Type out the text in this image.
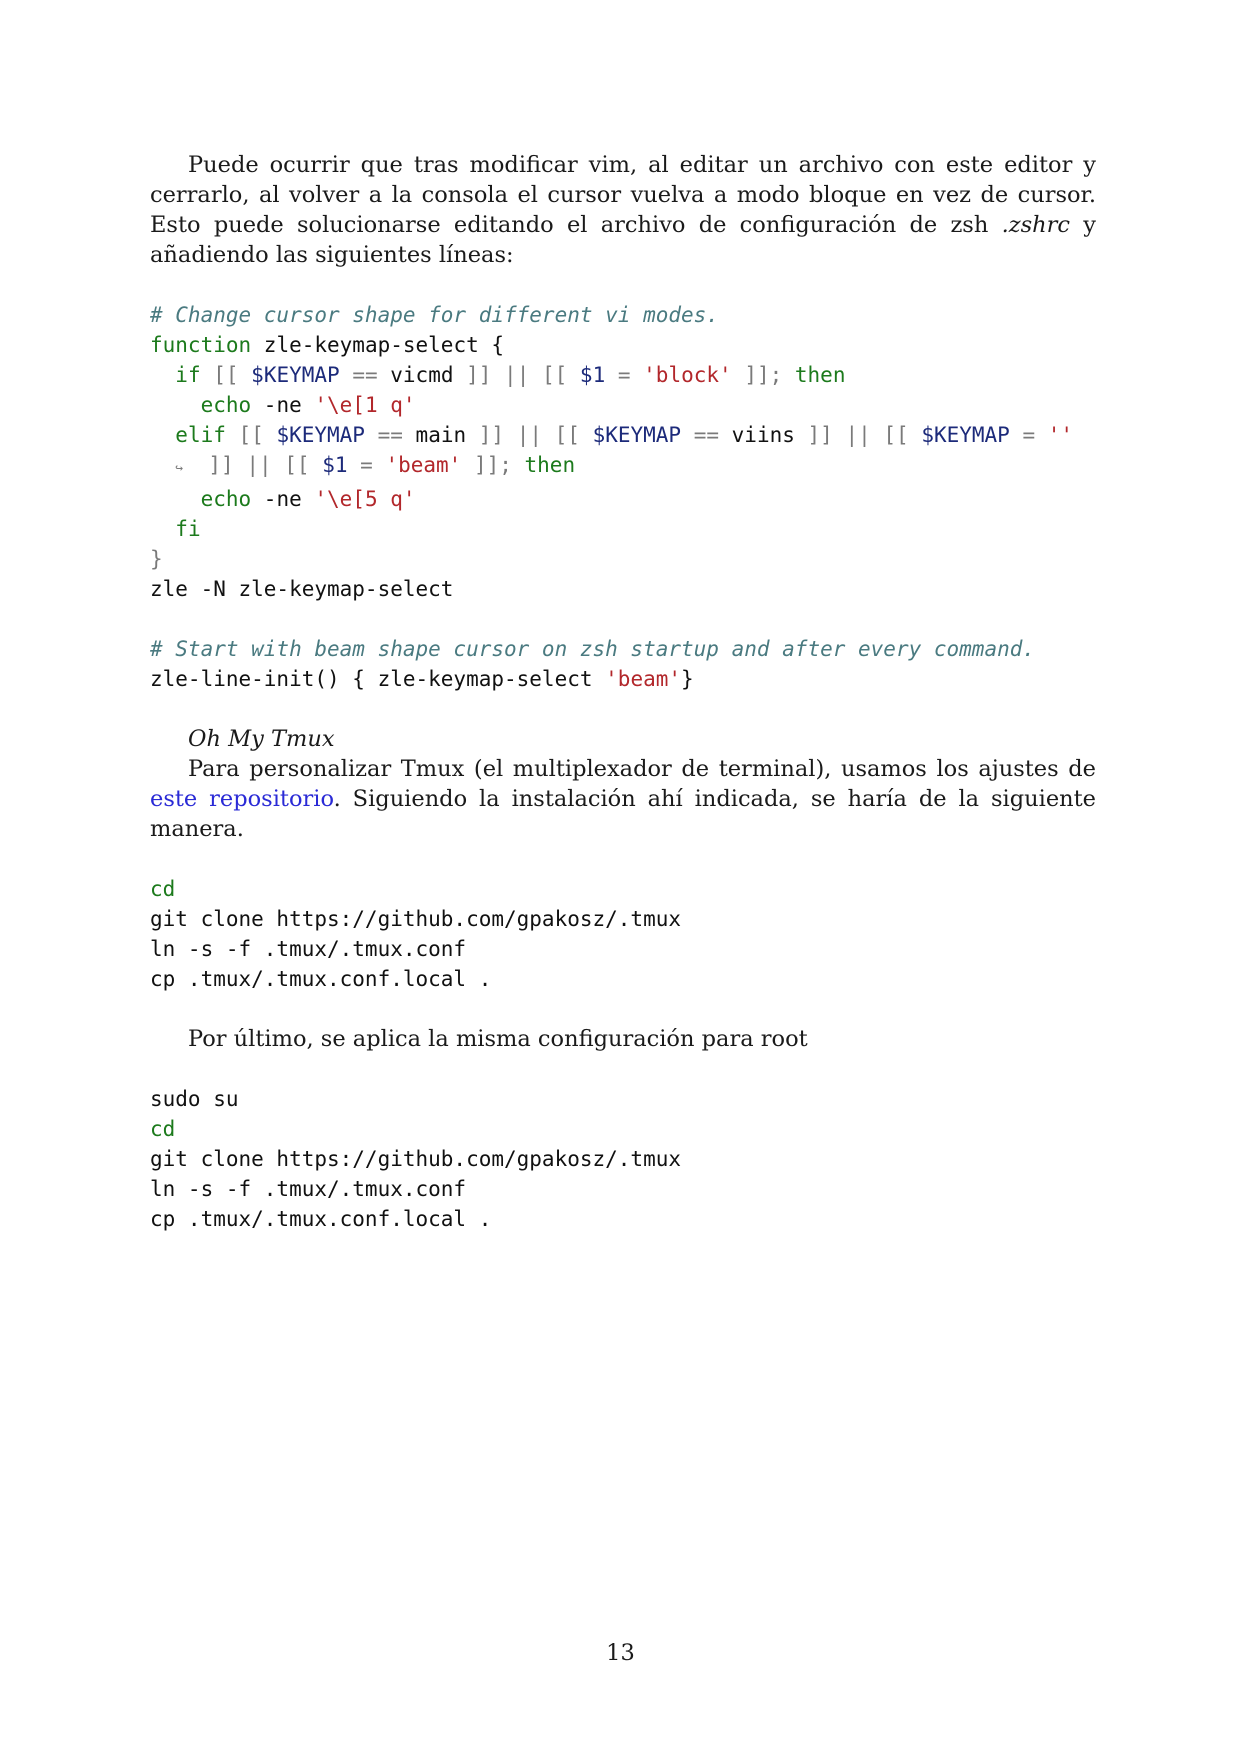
Puede ocurrir que tras modificar vim, al editar un archivo con este editor y cerrarlo, al volver a la consola el cursor vuelva a modo bloque en vez de cursor. Esto puede solucionarse editando el archivo de configuración de zsh .zshrc y añadiendo las siguientes líneas:

# Change cursor shape for different vi modes.
function zle-keymap-select {
if [[ $KEYMAP == vicmd ]] || [[ $1 = 'block' ]]; then
echo -ne '\e[1 q'
elif [[ $KEYMAP == main ]] || [[ $KEYMAP == viins ]] || [[ $KEYMAP = ''
↪  ]] || [[ $1 = 'beam' ]]; then
echo -ne '\e[5 q'
fi
}
zle -N zle-keymap-select

# Start with beam shape cursor on zsh startup and after every command.
zle-line-init() { zle-keymap-select 'beam'}

Oh My Tmux

Para personalizar Tmux (el multiplexador de terminal), usamos los ajustes de este repositorio. Siguiendo la instalación ahí indicada, se haría de la siguiente manera.

cd
git clone https://github.com/gpakosz/.tmux
ln -s -f .tmux/.tmux.conf
cp .tmux/.tmux.conf.local .

Por último, se aplica la misma configuración para root

sudo su
cd
git clone https://github.com/gpakosz/.tmux
ln -s -f .tmux/.tmux.conf
cp .tmux/.tmux.conf.local .
13
